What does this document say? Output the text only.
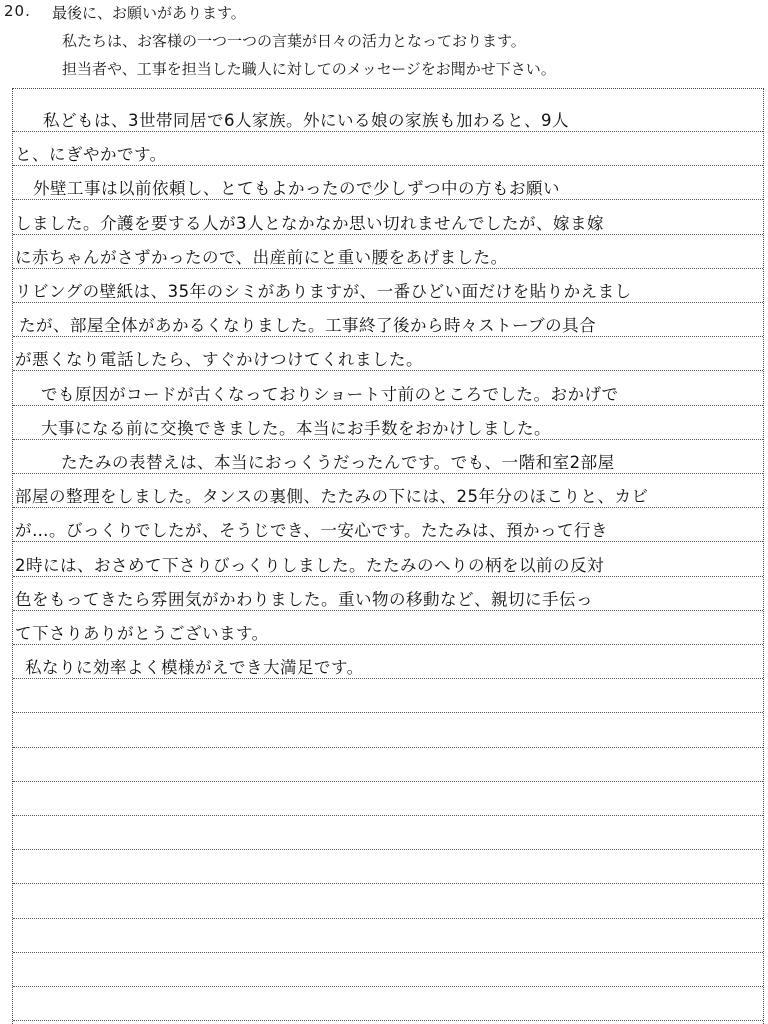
20. 最後に、お願いがあります。
私たちは、お客様の一つ一つの言葉が日々の活力となっております。
担当者や、工事を担当した職人に対してのメッセージをお聞かせ下さい。
私どもは、3世帯同居で6人家族。外にいる娘の家族も加わると、9人
と、にぎやかです。
外壁工事は以前依頼し、とてもよかったので少しずつ中の方もお願い
しました。介護を要する人が3人となかなか思い切れませんでしたが、嫁ま嫁
に赤ちゃんがさずかったので、出産前にと重い腰をあげました。
リビングの壁紙は、35年のシミがありますが、一番ひどい面だけを貼りかえまし
たが、部屋全体があかるくなりました。工事終了後から時々ストーブの具合
が悪くなり電話したら、すぐかけつけてくれました。
でも原因がコードが古くなっておりショート寸前のところでした。おかげで
大事になる前に交換できました。本当にお手数をおかけしました。
たたみの表替えは、本当におっくうだったんです。でも、一階和室2部屋
部屋の整理をしました。タンスの裏側、たたみの下には、25年分のほこりと、カビ
が…。びっくりでしたが、そうじでき、一安心です。たたみは、預かって行き
2時には、おさめて下さりびっくりしました。たたみのへりの柄を以前の反対
色をもってきたら雰囲気がかわりました。重い物の移動など、親切に手伝っ
て下さりありがとうございます。
私なりに効率よく模様がえでき大満足です。
